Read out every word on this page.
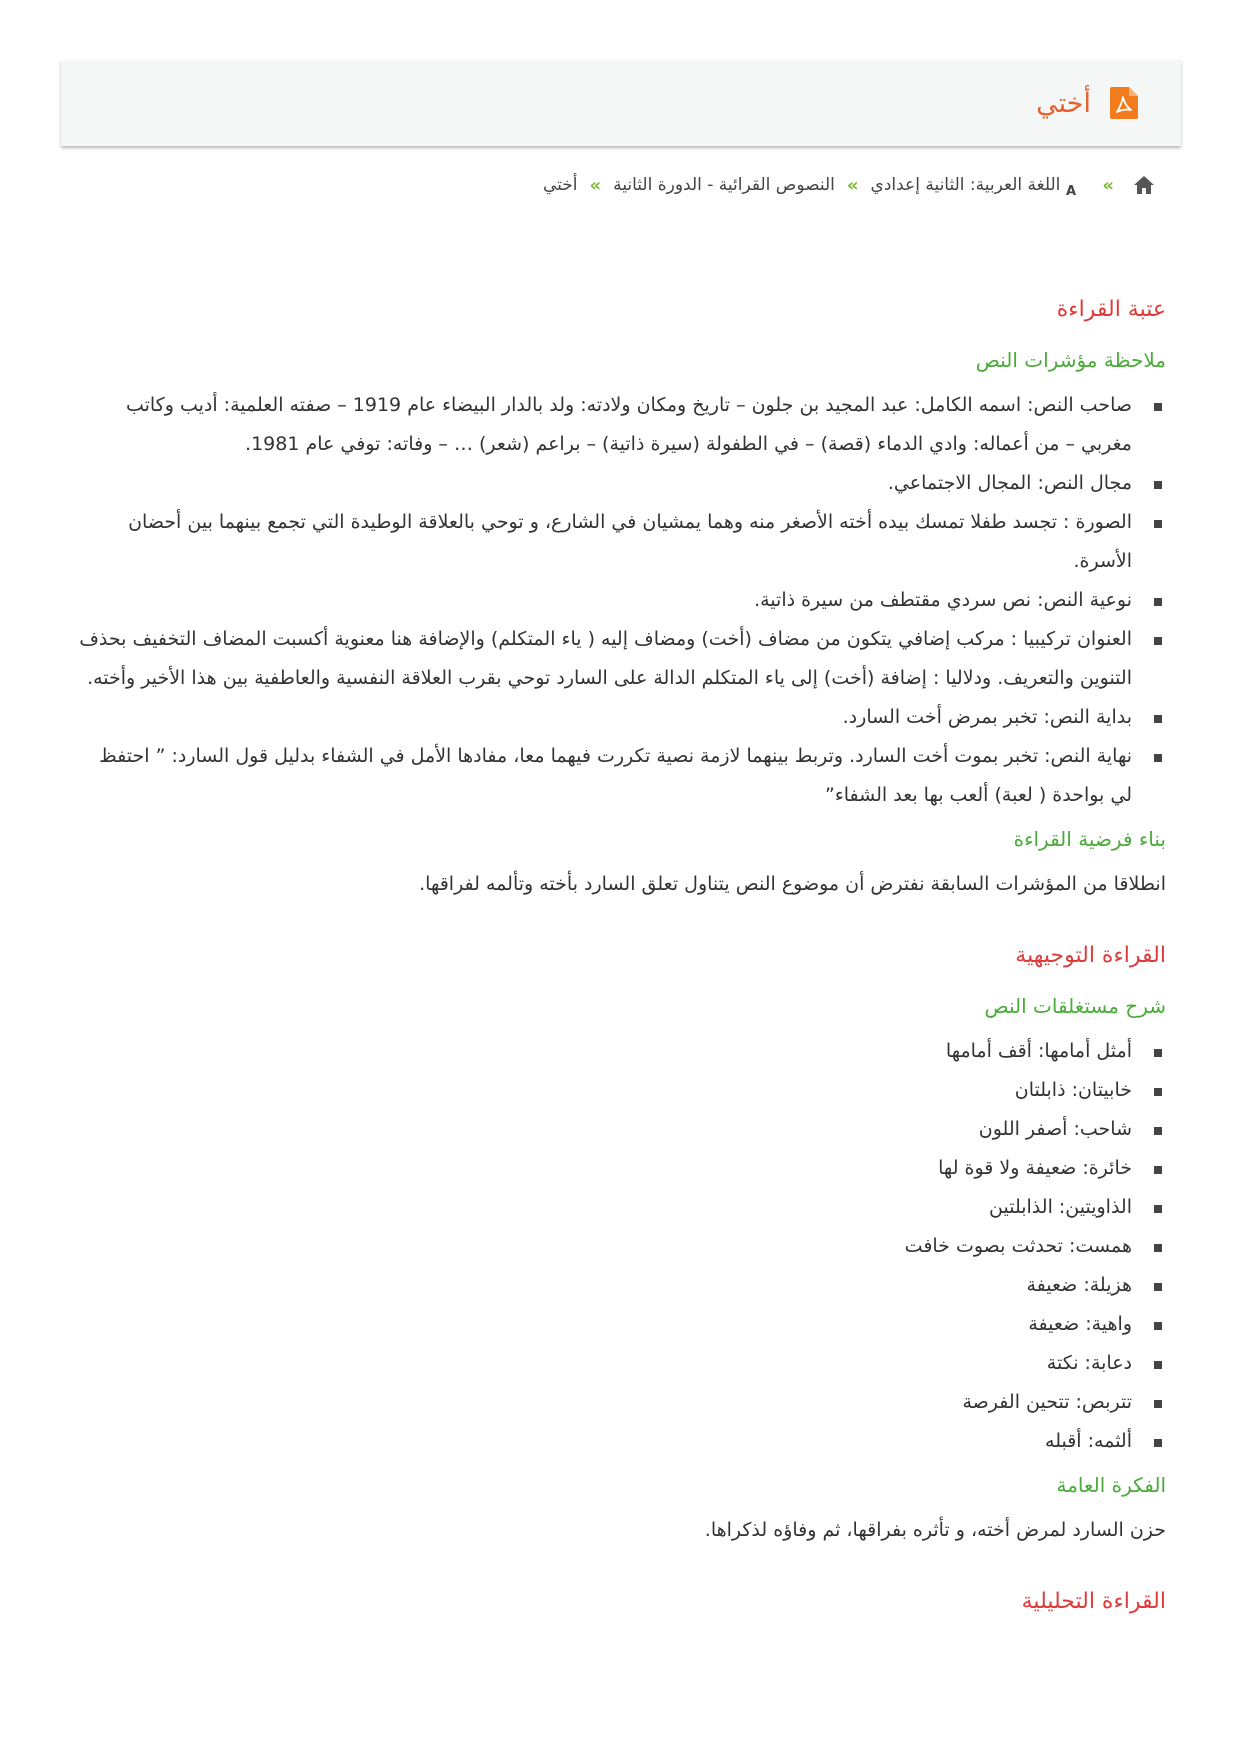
أختي
»
A
اللغة العربية: الثانية إعدادي
»
النصوص القرائية - الدورة الثانية
»
أختي
عتبة القراءة
ملاحظة مؤشرات النص
صاحب النص: اسمه الكامل: عبد المجيد بن جلون – تاريخ ومكان ولادته: ولد بالدار البيضاء عام 1919 – صفته العلمية: أديب وكاتب مغربي – من أعماله: وادي الدماء (قصة) – في الطفولة (سيرة ذاتية) – براعم (شعر) … – وفاته: توفي عام 1981.
مجال النص: المجال الاجتماعي.
الصورة : تجسد طفلا تمسك بيده أخته الأصغر منه وهما يمشيان في الشارع، و توحي بالعلاقة الوطيدة التي تجمع بينهما بين أحضان الأسرة.
نوعية النص: نص سردي مقتطف من سيرة ذاتية.
العنوان تركيبيا : مركب إضافي يتكون من مضاف (أخت) ومضاف إليه ( ياء المتكلم) والإضافة هنا معنوية أكسبت المضاف التخفيف بحذف التنوين والتعريف. ودلاليا : إضافة (أخت) إلى ياء المتكلم الدالة على السارد توحي بقرب العلاقة النفسية والعاطفية بين هذا الأخير وأخته.
بداية النص: تخبر بمرض أخت السارد.
نهاية النص: تخبر بموت أخت السارد. وتربط بينهما لازمة نصية تكررت فيهما معا، مفادها الأمل في الشفاء بدليل قول السارد: ” احتفظ لي بواحدة ( لعبة) ألعب بها بعد الشفاء”
بناء فرضية القراءة

انطلاقا من المؤشرات السابقة نفترض أن موضوع النص يتناول تعلق السارد بأخته وتألمه لفراقها.

القراءة التوجيهية
شرح مستغلقات النص
أمثل أمامها: أقف أمامها
خابيتان: ذابلتان
شاحب: أصفر اللون
خائرة: ضعيفة ولا قوة لها
الذاويتين: الذابلتين
همست: تحدثت بصوت خافت
هزيلة: ضعيفة
واهية: ضعيفة
دعابة: نكتة
تتربص: تتحين الفرصة
ألثمه: أقبله
الفكرة العامة

حزن السارد لمرض أخته، و تأثره بفراقها، ثم وفاؤه لذكراها.

القراءة التحليلية
